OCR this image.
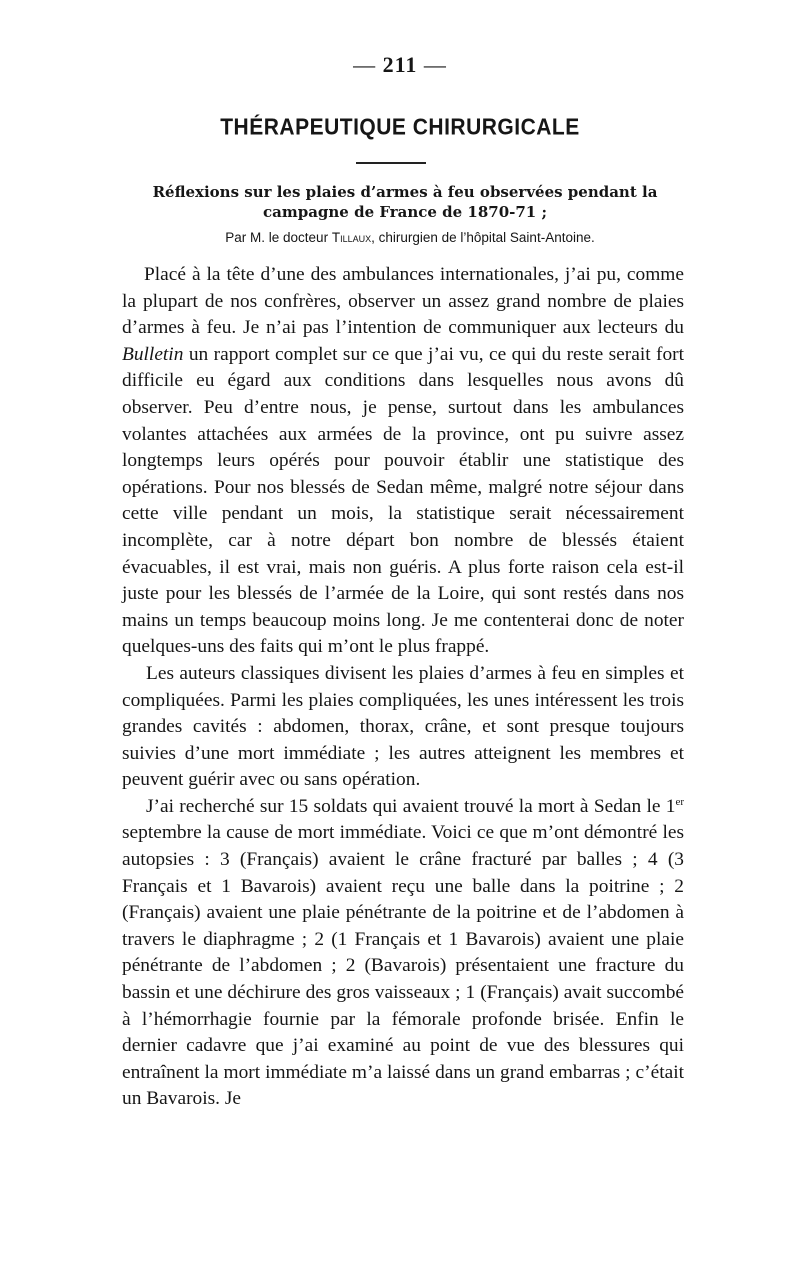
— 211 —
THÉRAPEUTIQUE CHIRURGICALE
Réflexions sur les plaies d’armes à feu observées pendant la campagne de France de 1870-71 ;
Par M. le docteur Tillaux, chirurgien de l’hôpital Saint-Antoine.

Placé à la tête d’une des ambulances internationales, j’ai pu, comme la plupart de nos confrères, observer un assez grand nombre de plaies d’armes à feu. Je n’ai pas l’intention de communiquer aux lecteurs du Bulletin un rapport complet sur ce que j’ai vu, ce qui du reste serait fort difficile eu égard aux conditions dans lesquelles nous avons dû observer. Peu d’entre nous, je pense, surtout dans les ambulances volantes attachées aux armées de la province, ont pu suivre assez longtemps leurs opérés pour pouvoir établir une statistique des opérations. Pour nos blessés de Sedan même, malgré notre séjour dans cette ville pendant un mois, la statistique serait nécessairement incomplète, car à notre départ bon nombre de blessés étaient évacuables, il est vrai, mais non guéris. A plus forte raison cela est-il juste pour les blessés de l’armée de la Loire, qui sont restés dans nos mains un temps beaucoup moins long. Je me contenterai donc de noter quelques-uns des faits qui m’ont le plus frappé.

Les auteurs classiques divisent les plaies d’armes à feu en simples et compliquées. Parmi les plaies compliquées, les unes intéressent les trois grandes cavités : abdomen, thorax, crâne, et sont presque toujours suivies d’une mort immédiate ; les autres atteignent les membres et peuvent guérir avec ou sans opération.

J’ai recherché sur 15 soldats qui avaient trouvé la mort à Sedan le 1er septembre la cause de mort immédiate. Voici ce que m’ont démontré les autopsies : 3 (Français) avaient le crâne fracturé par balles ; 4 (3 Français et 1 Bavarois) avaient reçu une balle dans la poitrine ; 2 (Français) avaient une plaie pénétrante de la poitrine et de l’abdomen à travers le diaphragme ; 2 (1 Français et 1 Bavarois) avaient une plaie pénétrante de l’abdomen ; 2 (Bavarois) présentaient une fracture du bassin et une déchirure des gros vaisseaux ; 1 (Français) avait succombé à l’hémorrhagie fournie par la fémorale profonde brisée. Enfin le dernier cadavre que j’ai examiné au point de vue des blessures qui entraînent la mort immédiate m’a laissé dans un grand embarras ; c’était un Bavarois. Je
